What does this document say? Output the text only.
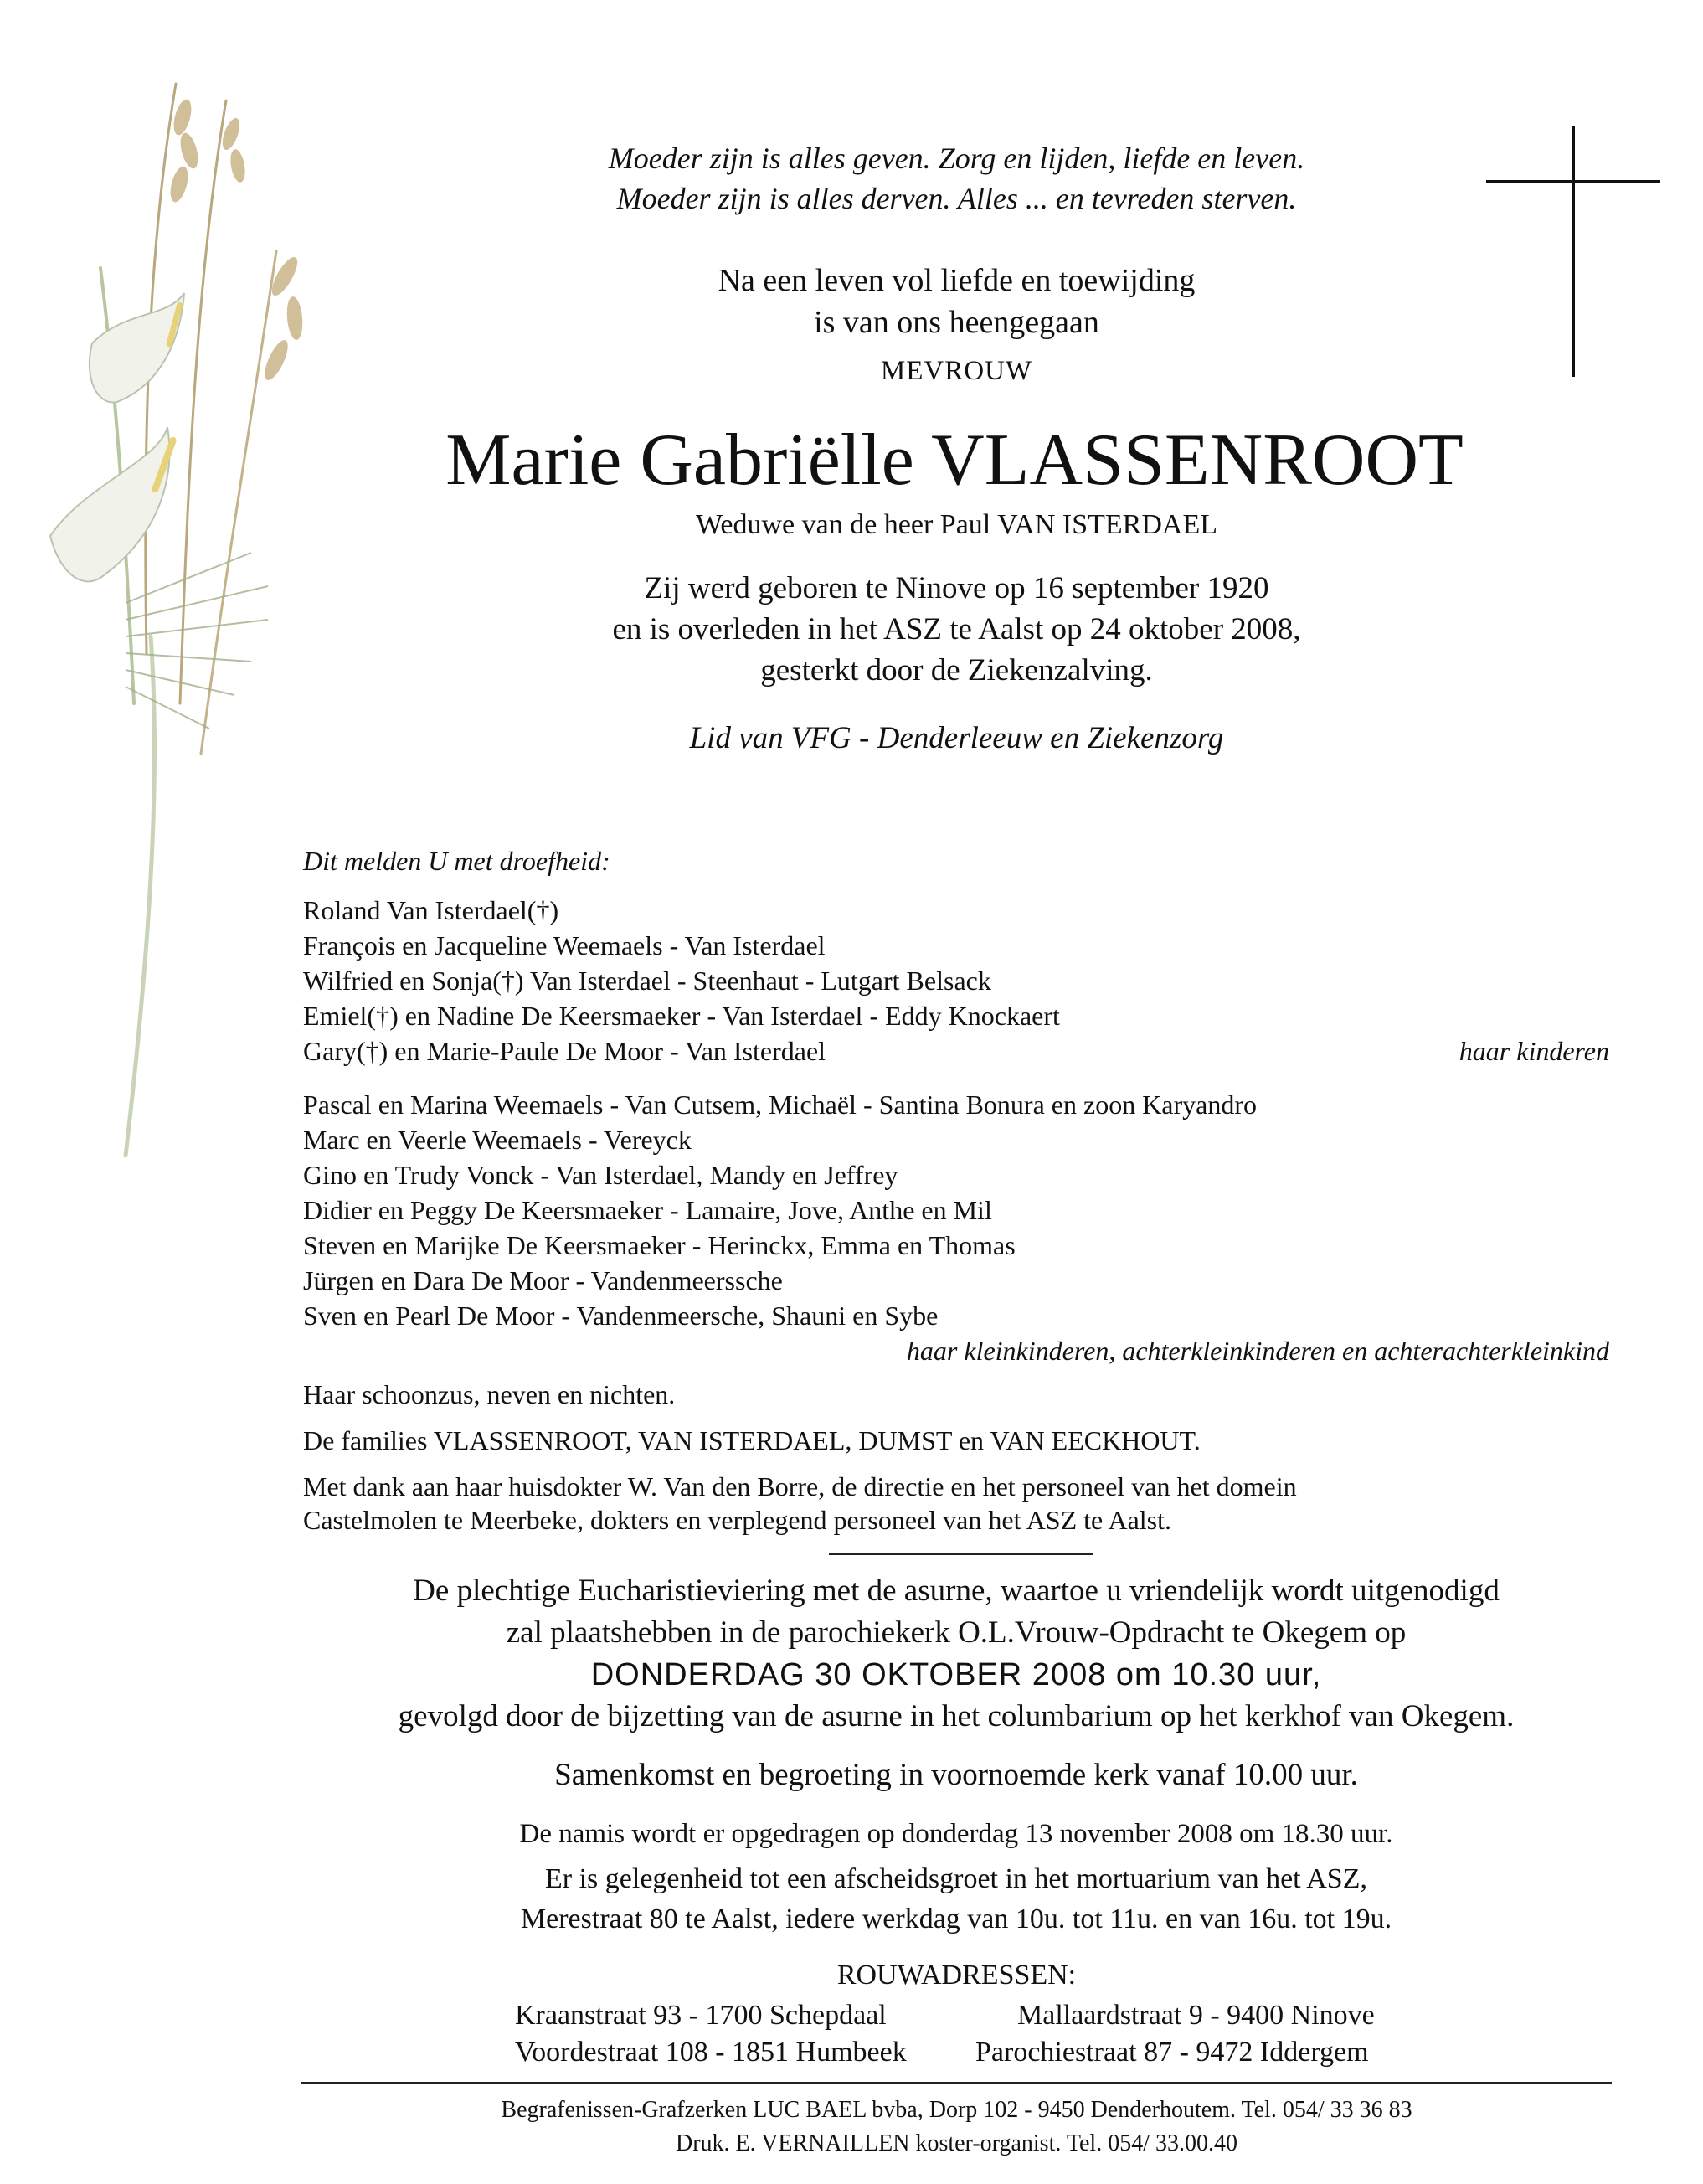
Moeder zijn is alles geven. Zorg en lijden, liefde en leven.
Moeder zijn is alles derven. Alles ... en tevreden sterven.
Na een leven vol liefde en toewijding
is van ons heengegaan
MEVROUW
Marie Gabriëlle VLASSENROOT
Weduwe van de heer Paul VAN ISTERDAEL
Zij werd geboren te Ninove op 16 september 1920
en is overleden in het ASZ te Aalst op 24 oktober 2008,
gesterkt door de Ziekenzalving.
Lid van VFG - Denderleeuw en Ziekenzorg
Dit melden U met droefheid:
Roland Van Isterdael(†)
François en Jacqueline Weemaels - Van Isterdael
Wilfried en Sonja(†) Van Isterdael - Steenhaut - Lutgart Belsack
Emiel(†) en Nadine De Keersmaeker - Van Isterdael - Eddy Knockaert
Gary(†) en Marie-Paule De Moor - Van Isterdael	haar kinderen
Pascal en Marina Weemaels - Van Cutsem, Michaël - Santina Bonura en zoon Karyandro
Marc en Veerle Weemaels - Vereyck
Gino en Trudy Vonck - Van Isterdael, Mandy en Jeffrey
Didier en Peggy De Keersmaeker - Lamaire, Jove, Anthe en Mil
Steven en Marijke De Keersmaeker - Herinckx, Emma en Thomas
Jürgen en Dara De Moor - Vandenmeerssche
Sven en Pearl De Moor - Vandenmeersche, Shauni en Sybe
haar kleinkinderen, achterkleinkinderen en achterachterkleinkind
Haar schoonzus, neven en nichten.
De families VLASSENROOT, VAN ISTERDAEL, DUMST en VAN EECKHOUT.
Met dank aan haar huisdokter W. Van den Borre, de directie en het personeel van het domein
Castelmolen te Meerbeke, dokters en verplegend personeel van het ASZ te Aalst.
De plechtige Eucharistieviering met de asurne, waartoe u vriendelijk wordt uitgenodigd
zal plaatshebben in de parochiekerk O.L.Vrouw-Opdracht te Okegem op
DONDERDAG 30 OKTOBER 2008 om 10.30 uur,
gevolgd door de bijzetting van de asurne in het columbarium op het kerkhof van Okegem.
Samenkomst en begroeting in voornoemde kerk vanaf 10.00 uur.
De namis wordt er opgedragen op donderdag 13 november 2008 om 18.30 uur.
Er is gelegenheid tot een afscheidsgroet in het mortuarium van het ASZ,
Merestraat 80 te Aalst, iedere werkdag van 10u. tot 11u. en van 16u. tot 19u.
ROUWADRESSEN:
Kraanstraat 93 - 1700 Schepdaal	Mallaardstraat 9 - 9400 Ninove
Voordestraat 108 - 1851 Humbeek Parochiestraat 87 - 9472 Iddergem
Begrafenissen-Grafzerken LUC BAEL bvba, Dorp 102 - 9450 Denderhoutem. Tel. 054/ 33 36 83
Druk. E. VERNAILLEN koster-organist. Tel. 054/ 33.00.40
